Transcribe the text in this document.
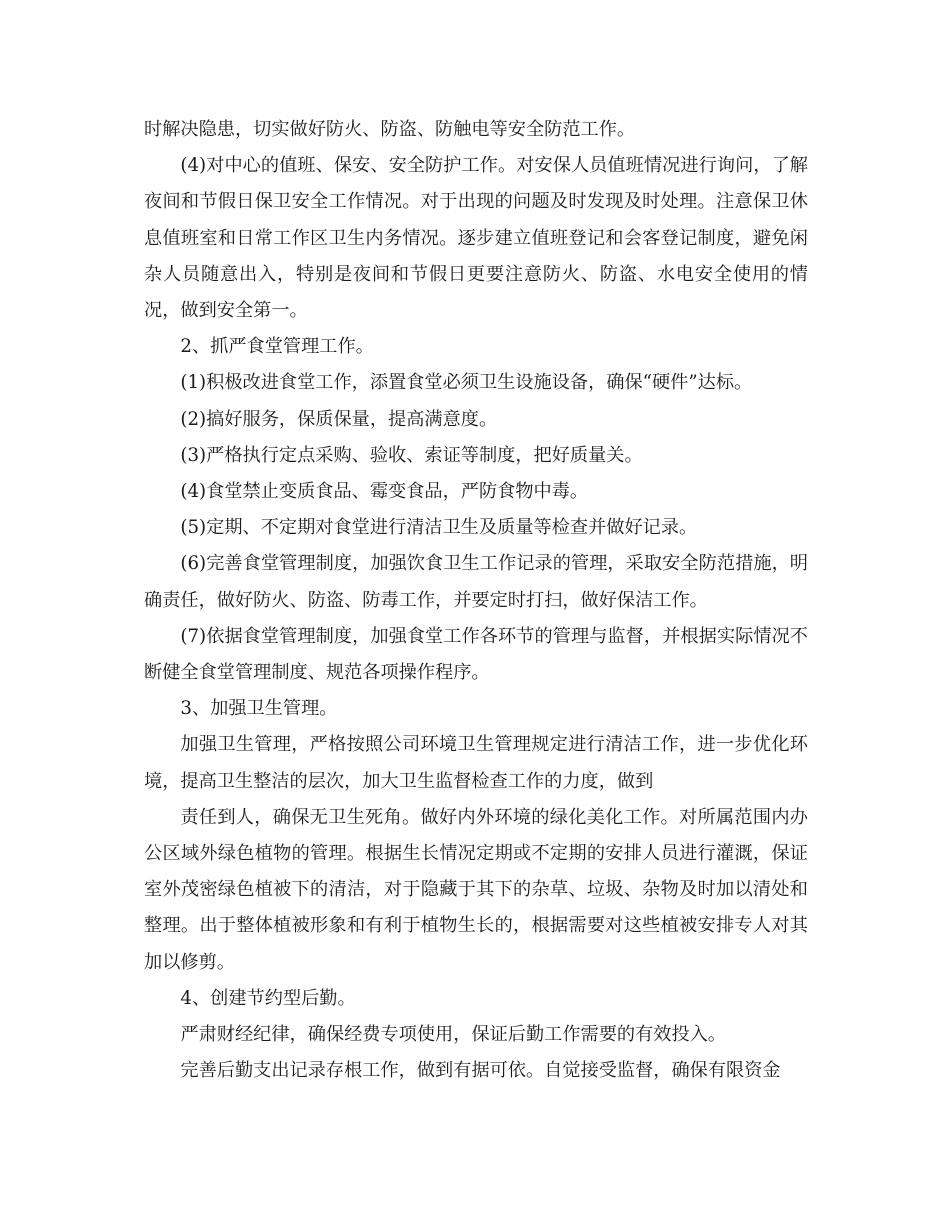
时解决隐患，切实做好防火、防盗、防触电等安全防范工作。

(4)对中心的值班、保安、安全防护工作。对安保人员值班情况进行询问，了解夜间和节假日保卫安全工作情况。对于出现的问题及时发现及时处理。注意保卫休息值班室和日常工作区卫生内务情况。逐步建立值班登记和会客登记制度，避免闲杂人员随意出入，特别是夜间和节假日更要注意防火、防盗、水电安全使用的情况，做到安全第一。

2、抓严食堂管理工作。

(1)积极改进食堂工作，添置食堂必须卫生设施设备，确保“硬件”达标。

(2)搞好服务，保质保量，提高满意度。

(3)严格执行定点采购、验收、索证等制度，把好质量关。

(4)食堂禁止变质食品、霉变食品，严防食物中毒。

(5)定期、不定期对食堂进行清洁卫生及质量等检查并做好记录。

(6)完善食堂管理制度，加强饮食卫生工作记录的管理，采取安全防范措施，明确责任，做好防火、防盗、防毒工作，并要定时打扫，做好保洁工作。

(7)依据食堂管理制度，加强食堂工作各环节的管理与监督，并根据实际情况不断健全食堂管理制度、规范各项操作程序。

3、加强卫生管理。

加强卫生管理，严格按照公司环境卫生管理规定进行清洁工作，进一步优化环境，提高卫生整洁的层次，加大卫生监督检查工作的力度，做到

责任到人，确保无卫生死角。做好内外环境的绿化美化工作。对所属范围内办公区域外绿色植物的管理。根据生长情况定期或不定期的安排人员进行灌溉，保证室外茂密绿色植被下的清洁，对于隐藏于其下的杂草、垃圾、杂物及时加以清处和整理。出于整体植被形象和有利于植物生长的，根据需要对这些植被安排专人对其加以修剪。

4、创建节约型后勤。

严肃财经纪律，确保经费专项使用，保证后勤工作需要的有效投入。

完善后勤支出记录存根工作，做到有据可依。自觉接受监督，确保有限资金
